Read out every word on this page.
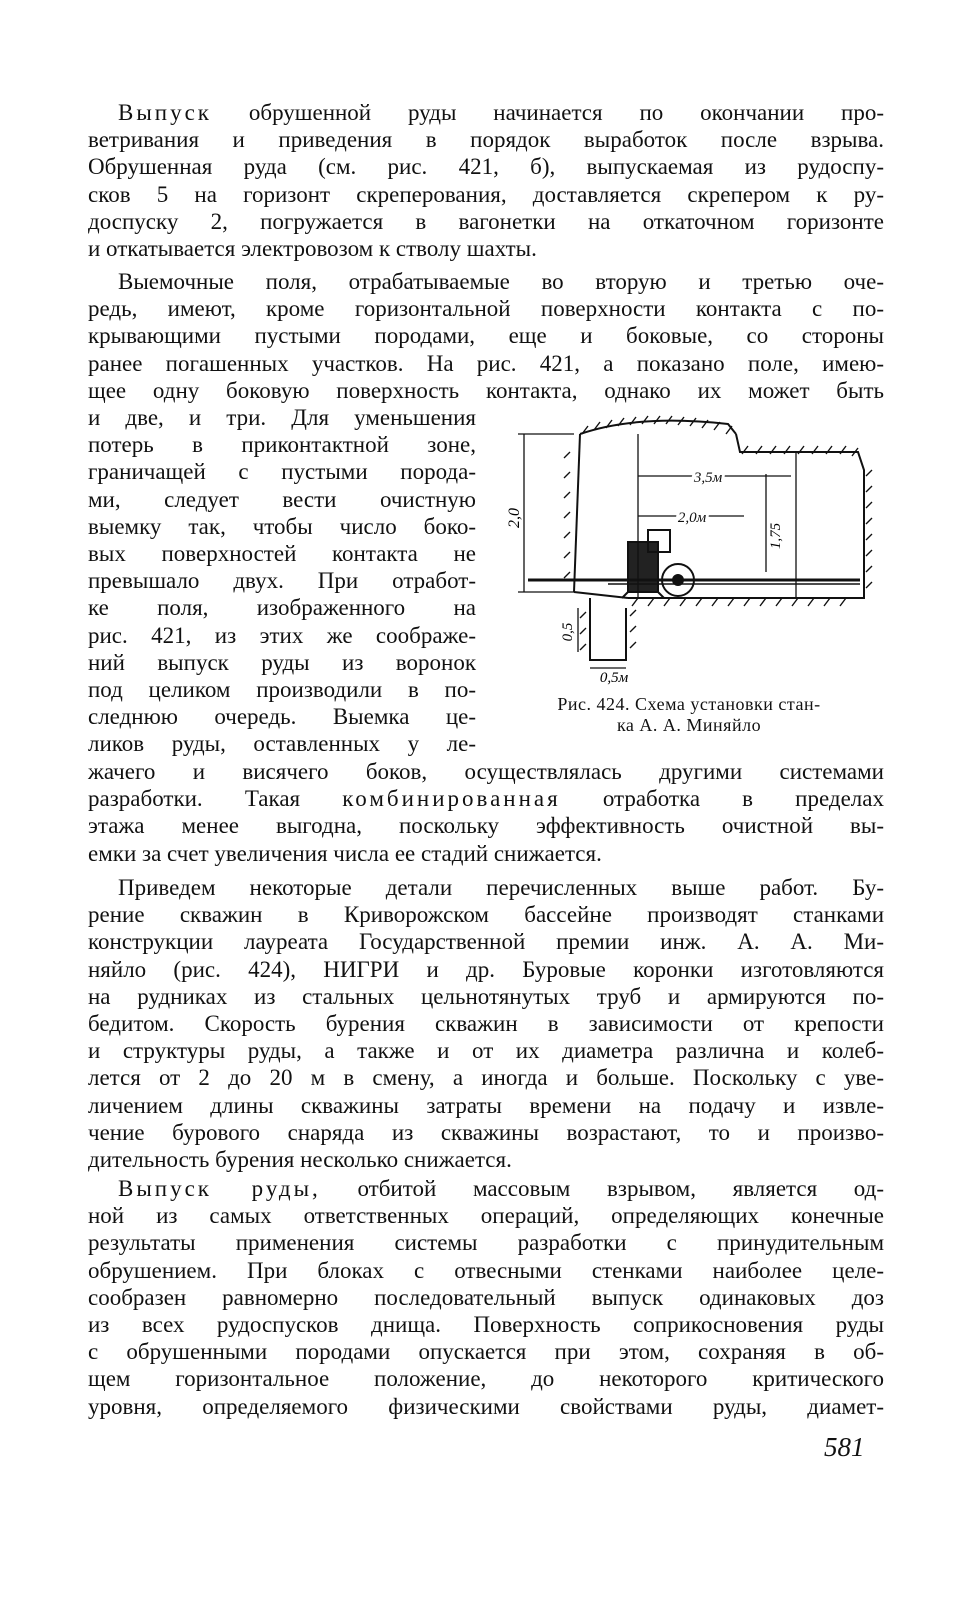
Выпуск обрушенной руды начинается по окончании про-
ветривания и приведения в порядок выработок после взрыва.
Обрушенная руда (см. рис. 421, б), выпускаемая из рудоспу-
сков 5 на горизонт скреперования, доставляется скрепером к ру-
доспуску 2, погружается в вагонетки на откаточном горизонте
и откатывается электровозом к стволу шахты.
Выемочные поля, отрабатываемые во вторую и третью оче-
редь, имеют, кроме горизонтальной поверхности контакта с по-
крывающими пустыми породами, еще и боковые, со стороны
ранее погашенных участков. На рис. 421, а показано поле, имею-
щее одну боковую поверхность контакта, однако их может быть
и две, и три. Для уменьшения
потерь в приконтактной зоне,
граничащей с пустыми порода-
ми, следует вести очистную
выемку так, чтобы число боко-
вых поверхностей контакта не
превышало двух. При отработ-
ке поля, изображенного на
рис. 421, из этих же соображе-
ний выпуск руды из воронок
под целиком производили в по-
следнюю очередь. Выемка це-
ликов руды, оставленных у ле-
2,0
3,5м
2,0м
1,75
0,5
0,5м
Рис. 424. Схема установки стан-
ка А. А. Миняйло
жачего и висячего боков, осуществлялась другими системами
разработки. Такая комбинированная отработка в пределах
этажа менее выгодна, поскольку эффективность очистной вы-
емки за счет увеличения числа ее стадий снижается.
Приведем некоторые детали перечисленных выше работ. Бу-
рение скважин в Криворожском бассейне производят станками
конструкции лауреата Государственной премии инж. А. А. Ми-
няйло (рис. 424), НИГРИ и др. Буровые коронки изготовляются
на рудниках из стальных цельнотянутых труб и армируются по-
бедитом. Скорость бурения скважин в зависимости от крепости
и структуры руды, а также и от их диаметра различна и колеб-
лется от 2 до 20 м в смену, а иногда и больше. Поскольку с уве-
личением длины скважины затраты времени на подачу и извле-
чение бурового снаряда из скважины возрастают, то и произво-
дительность бурения несколько снижается.
Выпуск руды, отбитой массовым взрывом, является од-
ной из самых ответственных операций, определяющих конечные
результаты применения системы разработки с принудительным
обрушением. При блоках с отвесными стенками наиболее целе-
сообразен равномерно последовательный выпуск одинаковых доз
из всех рудоспусков днища. Поверхность соприкосновения руды
с обрушенными породами опускается при этом, сохраняя в об-
щем горизонтальное положение, до некоторого критического
уровня, определяемого физическими свойствами руды, диамет-
581
